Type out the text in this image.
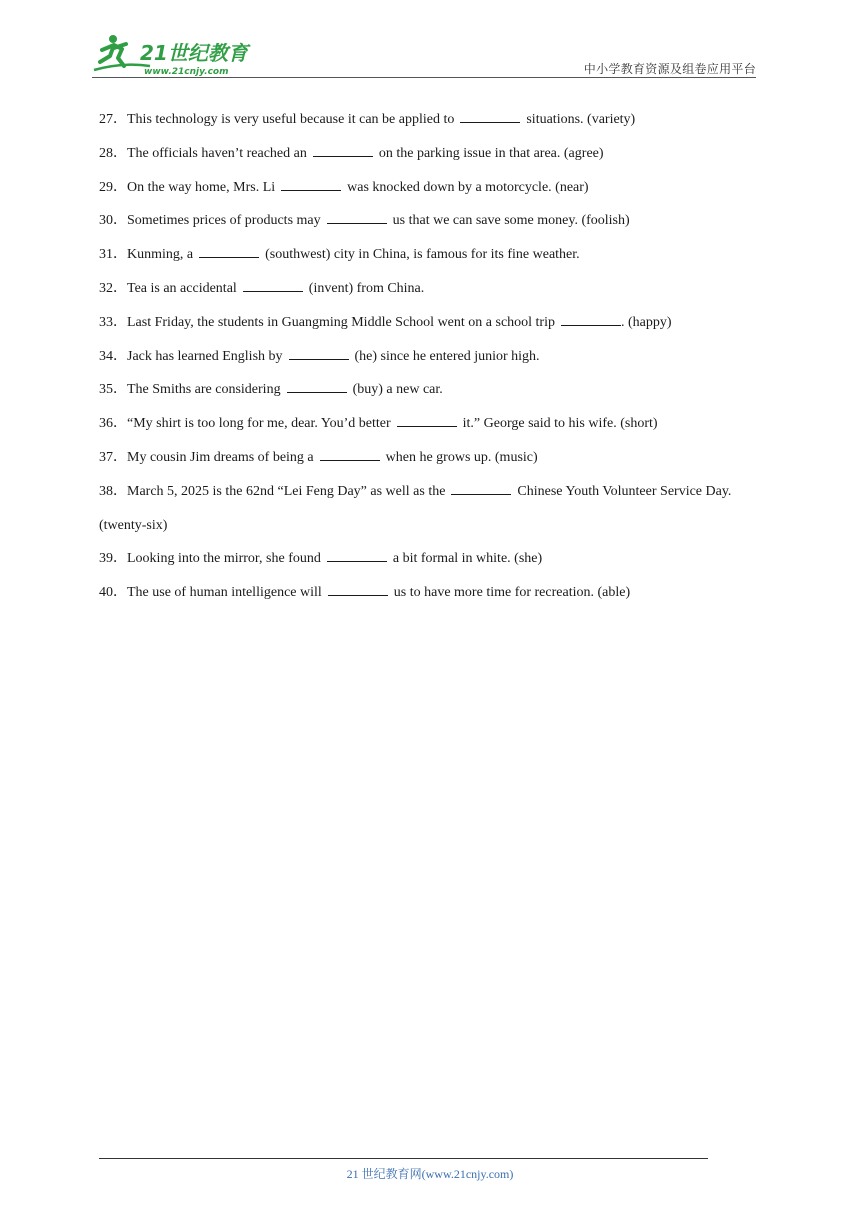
21世纪教育
www.21cnjy.com	中小学教育资源及组卷应用平台
27．This technology is very useful because it can be applied to	situations. (variety)
28．The officials haven’t reached an	on the parking issue in that area. (agree)
29．On the way home, Mrs. Li	was knocked down by a motorcycle. (near)
30．Sometimes prices of products may	us that we can save some money. (foolish)
31．Kunming, a	(southwest) city in China, is famous for its fine weather.
32．Tea is an accidental	(invent) from China.
33．Last Friday, the students in Guangming Middle School went on a school trip	. (happy)
34．Jack has learned English by	(he) since he entered junior high.
35．The Smiths are considering	(buy) a new car.
36．“My shirt is too long for me, dear. You’d better	it.” George said to his wife. (short)
37．My cousin Jim dreams of being a	when he grows up. (music)
38．March 5, 2025 is the 62nd “Lei Feng Day” as well as the	Chinese Youth Volunteer Service Day. (twenty-six)
39．Looking into the mirror, she found	a bit formal in white. (she)
40．The use of human intelligence will	us to have more time for recreation. (able)
21 世纪教育网(www.21cnjy.com)
